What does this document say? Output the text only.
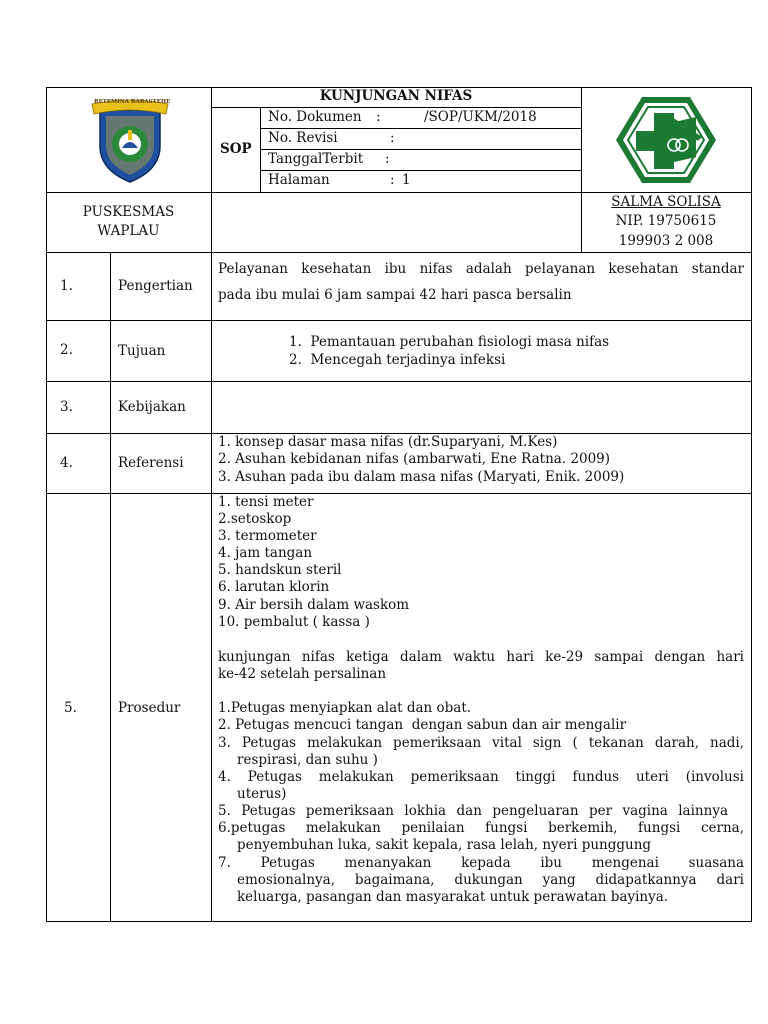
RETEMINA BARASTEHE	KUNJUNGAN NIFAS
SOP
No. Dokumen :	/SOP/UKM/2018
No. Revisi	:
TanggalTerbit :
Halaman	: 1
PUSKESMAS
WAPLAU
SALMA SOLISA
NIP. 19750615
199903 2 008
1.	Pengertian
Pelayanan kesehatan ibu nifas adalah pelayanan kesehatan standar
pada ibu mulai 6 jam sampai 42 hari pasca bersalin
2.	Tujuan
1.  Pemantauan perubahan fisiologi masa nifas
2.  Mencegah terjadinya infeksi
3.	Kebijakan
4.	Referensi
1. konsep dasar masa nifas (dr.Suparyani, M.Kes)
2. Asuhan kebidanan nifas (ambarwati, Ene Ratna. 2009)
3. Asuhan pada ibu dalam masa nifas (Maryati, Enik. 2009)
5.	Prosedur
1. tensi meter
2.setoskop
3. termometer
4. jam tangan
5. handskun steril
6. larutan klorin
9. Air bersih dalam waskom
10. pembalut ( kassa )
kunjungan nifas ketiga dalam waktu hari ke-29 sampai dengan hari
ke-42 setelah persalinan
1.Petugas menyiapkan alat dan obat.
2. Petugas mencuci tangan  dengan sabun dan air mengalir
3. Petugas melakukan pemeriksaan vital sign ( tekanan darah, nadi,
respirasi, dan suhu )
4. Petugas melakukan pemeriksaan tinggi fundus uteri (involusi
uterus)
5. Petugas pemeriksaan lokhia dan pengeluaran per vagina lainnya
6.petugas melakukan penilaian fungsi berkemih, fungsi cerna,
penyembuhan luka, sakit kepala, rasa lelah, nyeri punggung
7. Petugas menanyakan kepada ibu mengenai suasana
emosionalnya, bagaimana, dukungan yang didapatkannya dari
keluarga, pasangan dan masyarakat untuk perawatan bayinya.
